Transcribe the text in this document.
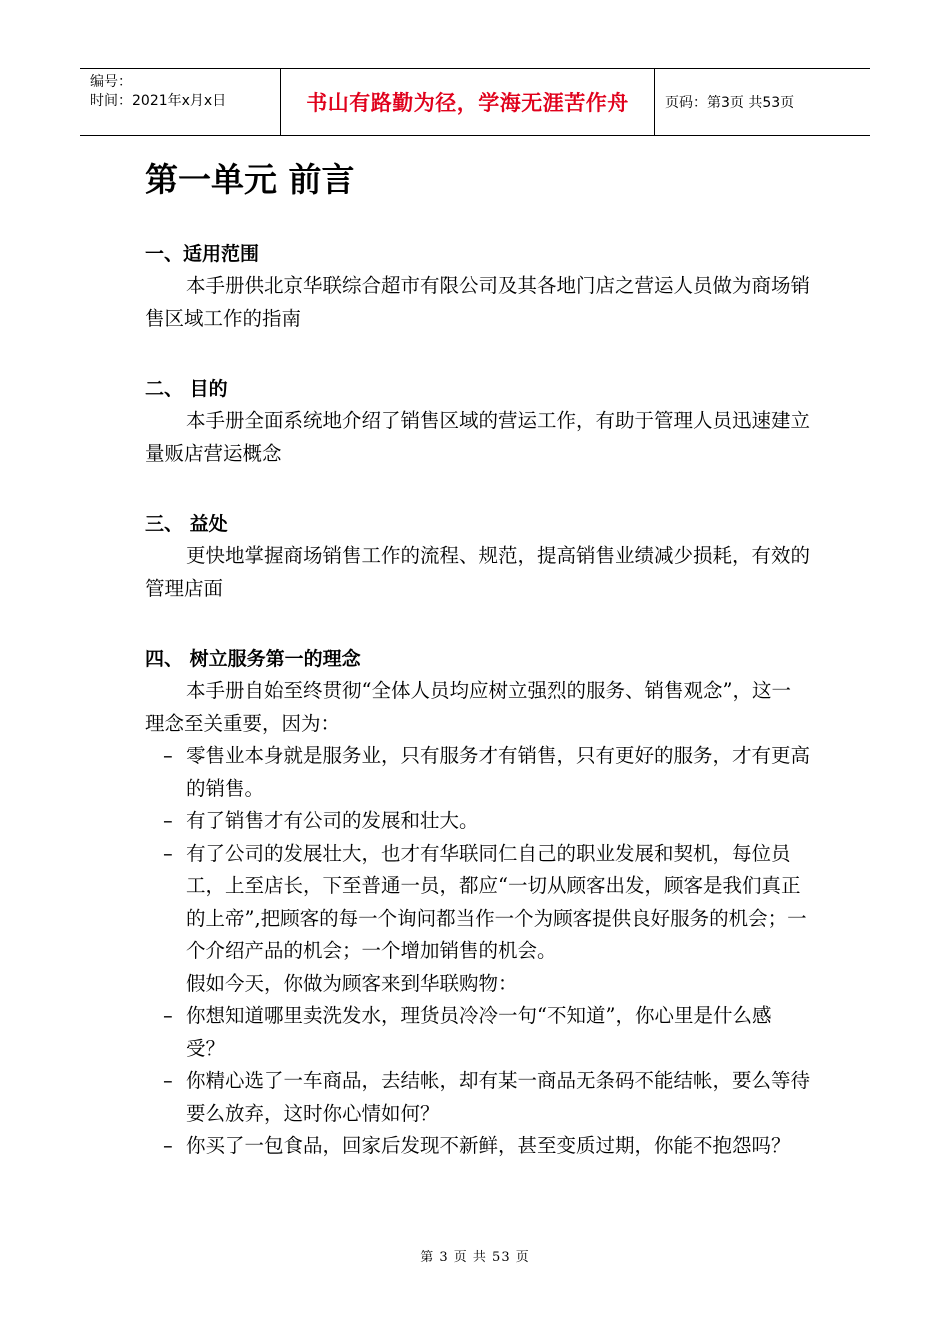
编号：
时间：2021年x月x日	书山有路勤为径，学海无涯苦作舟	页码：第3页 共53页
第一单元 前言
一、适用范围

本手册供北京华联综合超市有限公司及其各地门店之营运人员做为商场销售区域工作的指南

二、 目的

本手册全面系统地介绍了销售区域的营运工作，有助于管理人员迅速建立量贩店营运概念

三、 益处

更快地掌握商场销售工作的流程、规范，提高销售业绩减少损耗，有效的管理店面

四、 树立服务第一的理念

本手册自始至终贯彻“全体人员均应树立强烈的服务、销售观念”，这一理念至关重要，因为：

– 零售业本身就是服务业，只有服务才有销售，只有更好的服务，才有更高的销售。
– 有了销售才有公司的发展和壮大。
– 有了公司的发展壮大，也才有华联同仁自己的职业发展和契机，每位员工，上至店长，下至普通一员，都应“一切从顾客出发，顾客是我们真正的上帝”,把顾客的每一个询问都当作一个为顾客提供良好服务的机会；一个介绍产品的机会；一个增加销售的机会。

假如今天，你做为顾客来到华联购物：

– 你想知道哪里卖洗发水，理货员冷冷一句“不知道”，你心里是什么感受？
– 你精心选了一车商品，去结帐，却有某一商品无条码不能结帐，要么等待要么放弃，这时你心情如何？
– 你买了一包食品，回家后发现不新鲜，甚至变质过期，你能不抱怨吗？
第 3 页 共 53 页
